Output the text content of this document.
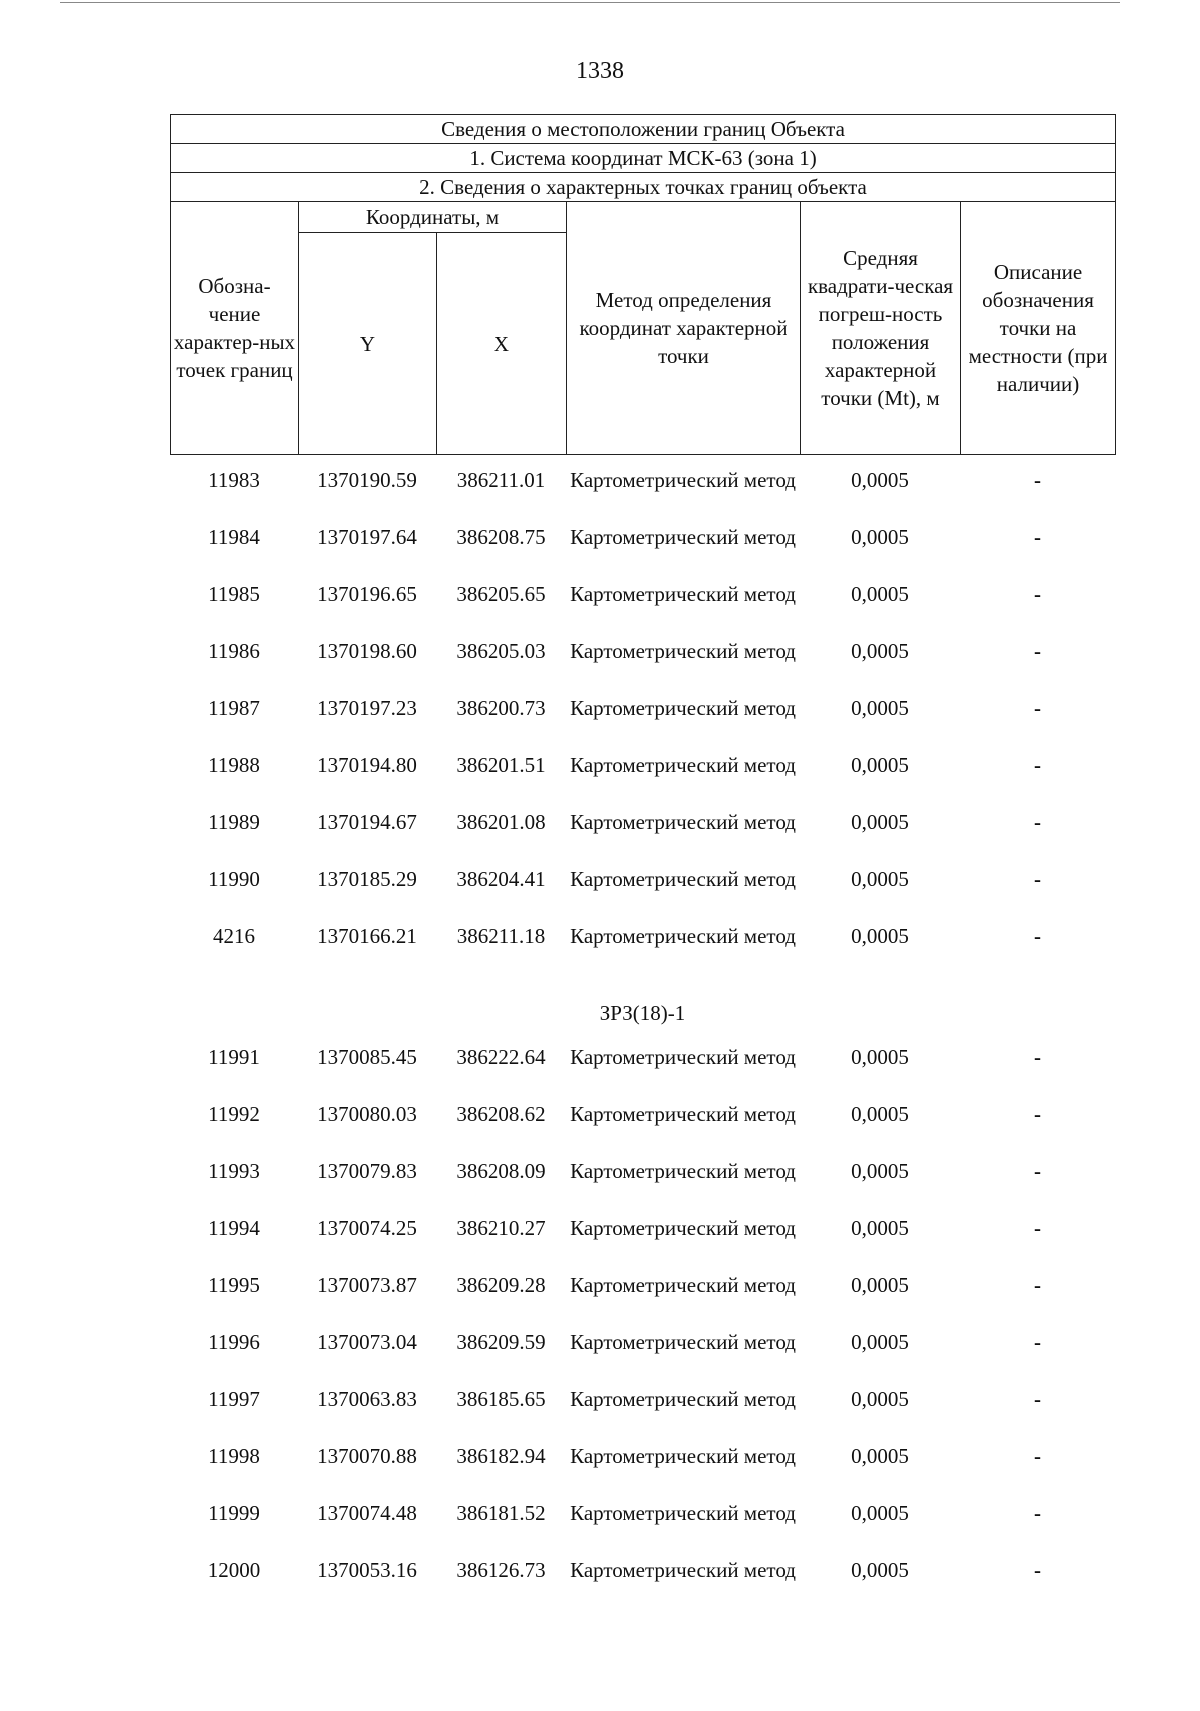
1338
Сведения о местоположении границ Объекта					
1. Система координат МСК-63 (зона 1)					
2. Сведения о характерных точках границ объекта					
Обозна-чение характер-ных точек границ	Координаты, м		Метод определения координат характерной точки	Средняя квадрати-ческая погреш-ность положения характерной точки (Mt), м	Описание обозначения точки на местности (при наличии)
	Y	X			
11983	1370190.59	386211.01	Картометрический метод	0,0005	-
11984	1370197.64	386208.75	Картометрический метод	0,0005	-
11985	1370196.65	386205.65	Картометрический метод	0,0005	-
11986	1370198.60	386205.03	Картометрический метод	0,0005	-
11987	1370197.23	386200.73	Картометрический метод	0,0005	-
11988	1370194.80	386201.51	Картометрический метод	0,0005	-
11989	1370194.67	386201.08	Картометрический метод	0,0005	-
11990	1370185.29	386204.41	Картометрический метод	0,0005	-
4216	1370166.21	386211.18	Картометрический метод	0,0005	-
ЗРЗ(18)-1
11991	1370085.45	386222.64	Картометрический метод	0,0005	-
11992	1370080.03	386208.62	Картометрический метод	0,0005	-
11993	1370079.83	386208.09	Картометрический метод	0,0005	-
11994	1370074.25	386210.27	Картометрический метод	0,0005	-
11995	1370073.87	386209.28	Картометрический метод	0,0005	-
11996	1370073.04	386209.59	Картометрический метод	0,0005	-
11997	1370063.83	386185.65	Картометрический метод	0,0005	-
11998	1370070.88	386182.94	Картометрический метод	0,0005	-
11999	1370074.48	386181.52	Картометрический метод	0,0005	-
12000	1370053.16	386126.73	Картометрический метод	0,0005	-
